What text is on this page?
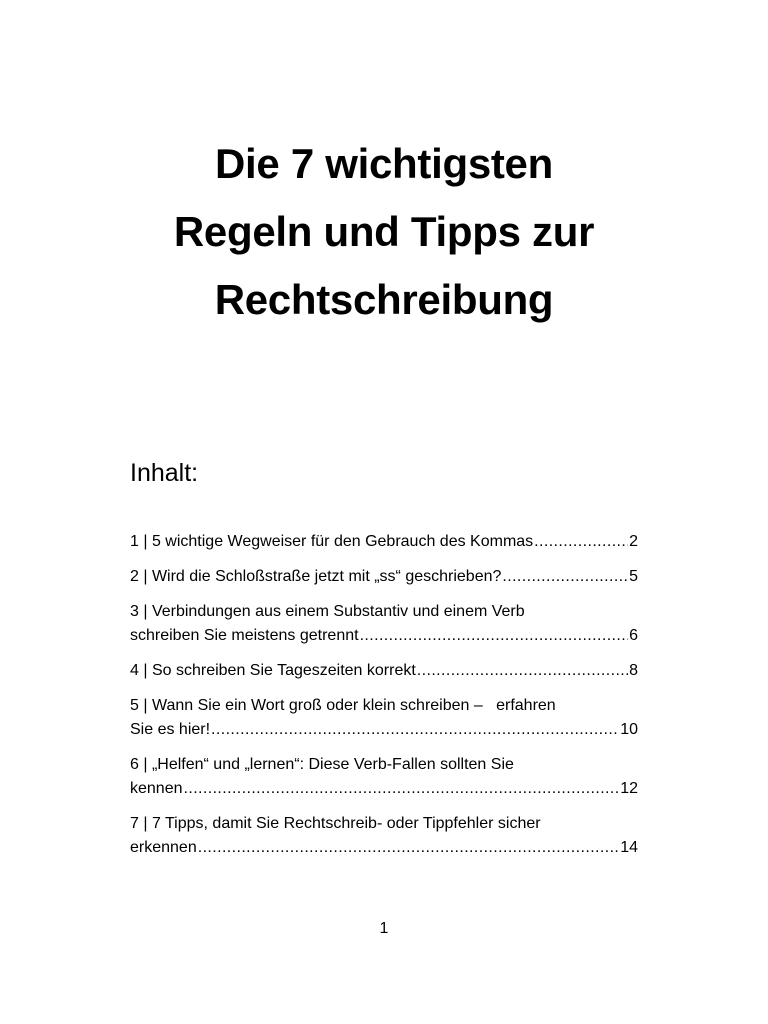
Die 7 wichtigsten
Regeln und Tipps zur
Rechtschreibung
Inhalt:
1 | 5 wichtige Wegweiser für den Gebrauch des Kommas .....	2
2 | Wird die Schloßstraße jetzt mit „ss“ geschrieben? .....	5
3 | Verbindungen aus einem Substantiv und einem Verb
schreiben Sie meistens getrennt .....	6
4 | So schreiben Sie Tageszeiten korrekt .....	8
5 | Wann Sie ein Wort groß oder klein schreiben –   erfahren
Sie es hier! .....	10
6 | „Helfen“ und „lernen“: Diese Verb-Fallen sollten Sie
kennen .....	12
7 | 7 Tipps, damit Sie Rechtschreib- oder Tippfehler sicher
erkennen .....	14
1
